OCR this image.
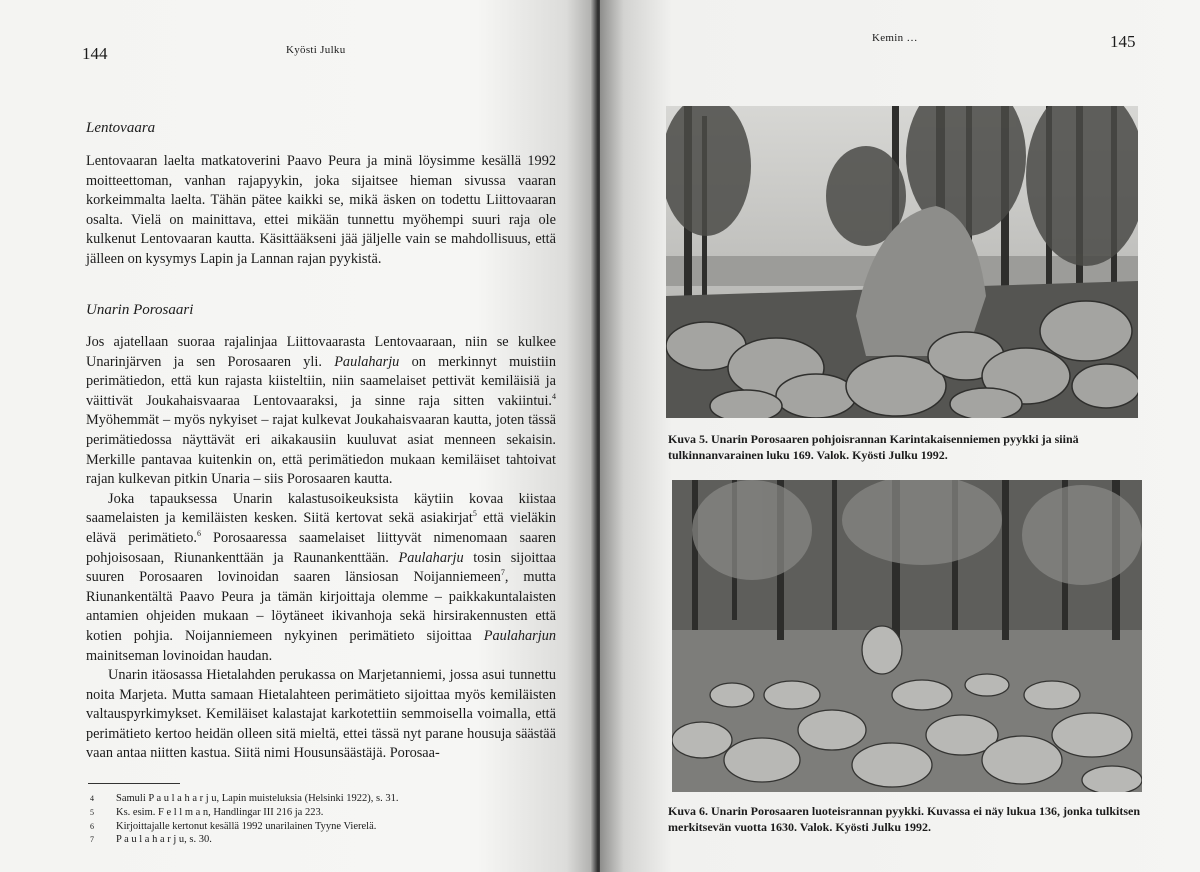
144	Kyösti Julku
Lentovaara

Lentovaaran laelta matkatoverini Paavo Peura ja minä löysimme kesällä 1992 moitteettoman, vanhan rajapyykin, joka sijaitsee hieman sivussa vaaran korkeimmalta laelta. Tähän pätee kaikki se, mikä äsken on todettu Liittovaaran osalta. Vielä on mainittava, ettei mikään tunnettu myöhempi suuri raja ole kulkenut Lentovaaran kautta. Käsittääkseni jää jäljelle vain se mahdollisuus, että jälleen on kysymys Lapin ja Lannan rajan pyykistä.

Unarin Porosaari

Jos ajatellaan suoraa rajalinjaa Liittovaarasta Lentovaaraan, niin se kulkee Unarinjärven ja sen Porosaaren yli. Paulaharju on merkinnyt muistiin perimätiedon, että kun rajasta kiisteltiin, niin saamelaiset pettivät kemiläisiä ja väittivät Joukahaisvaaraa Lentovaaraksi, ja sinne raja sitten vakiintui.$^4$ Myöhemmät – myös nykyiset – rajat kulkevat Joukahaisvaaran kautta, joten tässä perimätiedossa näyttävät eri aikakausiin kuuluvat asiat menneen sekaisin. Merkille pantavaa kuitenkin on, että perimätiedon mukaan kemiläiset tahtoivat rajan kulkevan pitkin Unaria – siis Porosaaren kautta.

Joka tapauksessa Unarin kalastusoikeuksista käytiin kovaa kiistaa saamelaisten ja kemiläisten kesken. Siitä kertovat sekä asiakirjat$^5$ että vieläkin elävä perimätieto.$^6$ Porosaaressa saamelaiset liittyvät nimenomaan saaren pohjoisosaan, Riunankenttään ja Raunankenttään. Paulaharju tosin sijoittaa suuren Porosaaren lovinoidan saaren länsiosan Noijanniemeen$^7$, mutta Riunankentältä Paavo Peura ja tämän kirjoittaja olemme – paikkakuntalaisten antamien ohjeiden mukaan – löytäneet ikivanhoja sekä hirsirakennusten että kotien pohjia. Noijanniemeen nykyinen perimätieto sijoittaa Paulaharjun mainitseman lovinoidan haudan.

Unarin itäosassa Hietalahden perukassa on Marjetanniemi, jossa asui tunnettu noita Marjeta. Mutta samaan Hietalahteen perimätieto sijoittaa myös kemiläisten valtauspyrkimykset. Kemiläiset kalastajat karkotettiin semmoisella voimalla, että perimätieto kertoo heidän olleen sitä mieltä, ettei tässä nyt parane housuja säästää vaan antaa niitten kastua. Siitä nimi Housunsäästäjä. Porosaa-

4	Samuli P a u l a h a r j u, Lapin muisteluksia (Helsinki 1922), s. 31.
5	Ks. esim. F e l l m a n, Handlingar III 216 ja 223.
6	Kirjoittajalle kertonut kesällä 1992 unarilainen Tyyne Vierelä.
7	P a u l a h a r j u, s. 30.
Kemin …	145
Kuva 5. Unarin Porosaaren pohjoisrannan Karintakaisenniemen pyykki ja siinä tulkinnanvarainen luku 169. Valok. Kyösti Julku 1992.
Kuva 6. Unarin Porosaaren luoteisrannan pyykki. Kuvassa ei näy lukua 136, jonka tulkitsen merkitsevän vuotta 1630. Valok. Kyösti Julku 1992.
